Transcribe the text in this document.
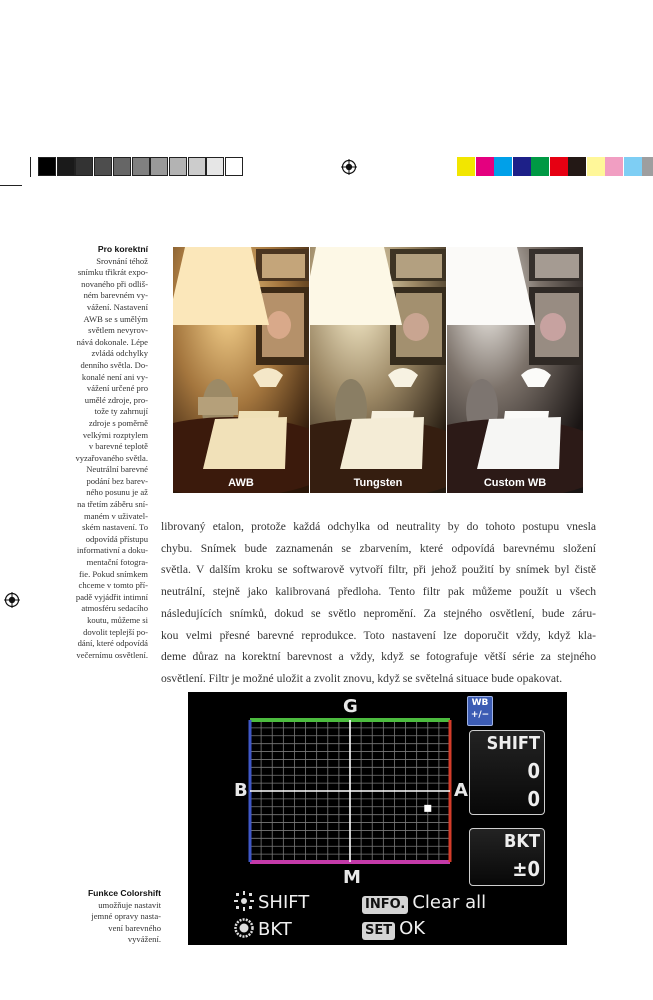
Pro korektní
Srovnání téhož
snímku třikrát expo-
novaného při odliš-
ném barevném vy-
vážení. Nastavení
AWB se s umělým
světlem nevyrov-
nává dokonale. Lépe
zvládá odchylky
denního světla. Do-
konalé není ani vy-
vážení určené pro
umělé zdroje, pro-
tože ty zahrnují
zdroje s poměrně
velkými rozptylem
v barevné teplotě
vyzařovaného světla.
Neutrální barevné
podání bez barev-
ného posunu je až
na třetím záběru sní-
maném v uživatel-
ském nastavení. To
odpovídá přístupu
informativní a doku-
mentační fotogra-
fie. Pokud snímkem
chceme v tomto pří-
padě vyjádřit intimní
atmosféru sedacího
koutu, můžeme si
dovolit teplejší po-
dání, které odpovídá
večernímu osvětlení.
AWB	Tungsten	Custom WB
librovaný etalon, protože každá odchylka od neutrality by do tohoto postupu vnesla
chybu. Snímek bude zaznamenán se zbarvením, které odpovídá barevnému složení
světla. V dalším kroku se softwarově vytvoří filtr, při jehož použití by snímek byl čistě
neutrální, stejně jako kalibrovaná předloha. Tento filtr pak můžeme použít u všech
následujících snímků, dokud se světlo nepromění. Za stejného osvětlení, bude záru-
kou velmi přesné barevné reprodukce. Toto nastavení lze doporučit vždy, když kla-
deme důraz na korektní barevnost a vždy, když se fotografuje větší série za stejného
osvětlení. Filtr je možné uložit a zvolit znovu, když se světelná situace bude opakovat.
G
M
B	A
WB
+/−
SHIFT
0
0
BKT
±0
SHIFT
BKT
INFO. Clear all
SET OK
Funkce Colorshift
umožňuje nastavit
jemné opravy nasta-
vení barevného
vyvážení.
